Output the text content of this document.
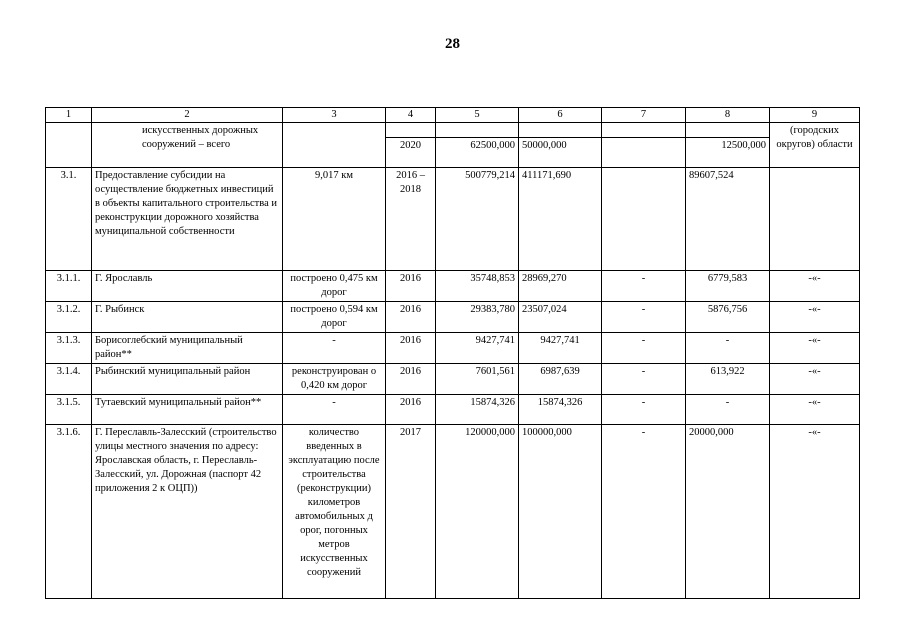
28
1	2	3	4	5	6	7	8	9
	искусственных дорожных сооружений – всего							(городских округов) области
			2020	62500,000	50000,000		12500,000	
3.1.	Предоставление субсидии на осуществление бюджетных инвестиций в объекты капитального строительства и реконструкции дорожного хозяйства муниципальной собственности	9,017 км	2016 – 2018	500779,214	411171,690		89607,524	
3.1.1.	Г. Ярославль	построено 0,475 км дорог	2016	35748,853	28969,270	-	6779,583	-«-
3.1.2.	Г. Рыбинск	построено 0,594 км дорог	2016	29383,780	23507,024	-	5876,756	-«-
3.1.3.	Борисоглебский муниципальный район**	-	2016	9427,741	9427,741	-	-	-«-
3.1.4.	Рыбинский муниципальный район	реконструирован о 0,420 км дорог	2016	7601,561	6987,639	-	613,922	-«-
3.1.5.	Тутаевский муниципальный район**	-	2016	15874,326	15874,326	-	-	-«-
3.1.6.	Г. Переславль-Залесский (строительство улицы местного значения по адресу: Ярославская область, г. Переславль-Залесский, ул. Дорожная (паспорт 42 приложения 2 к ОЦП))	количество введенных в эксплуатацию после строительства (реконструкции) километров автомобильных д орог, погонных метров искусственных сооружений	2017	120000,000	100000,000	-	20000,000	-«-
